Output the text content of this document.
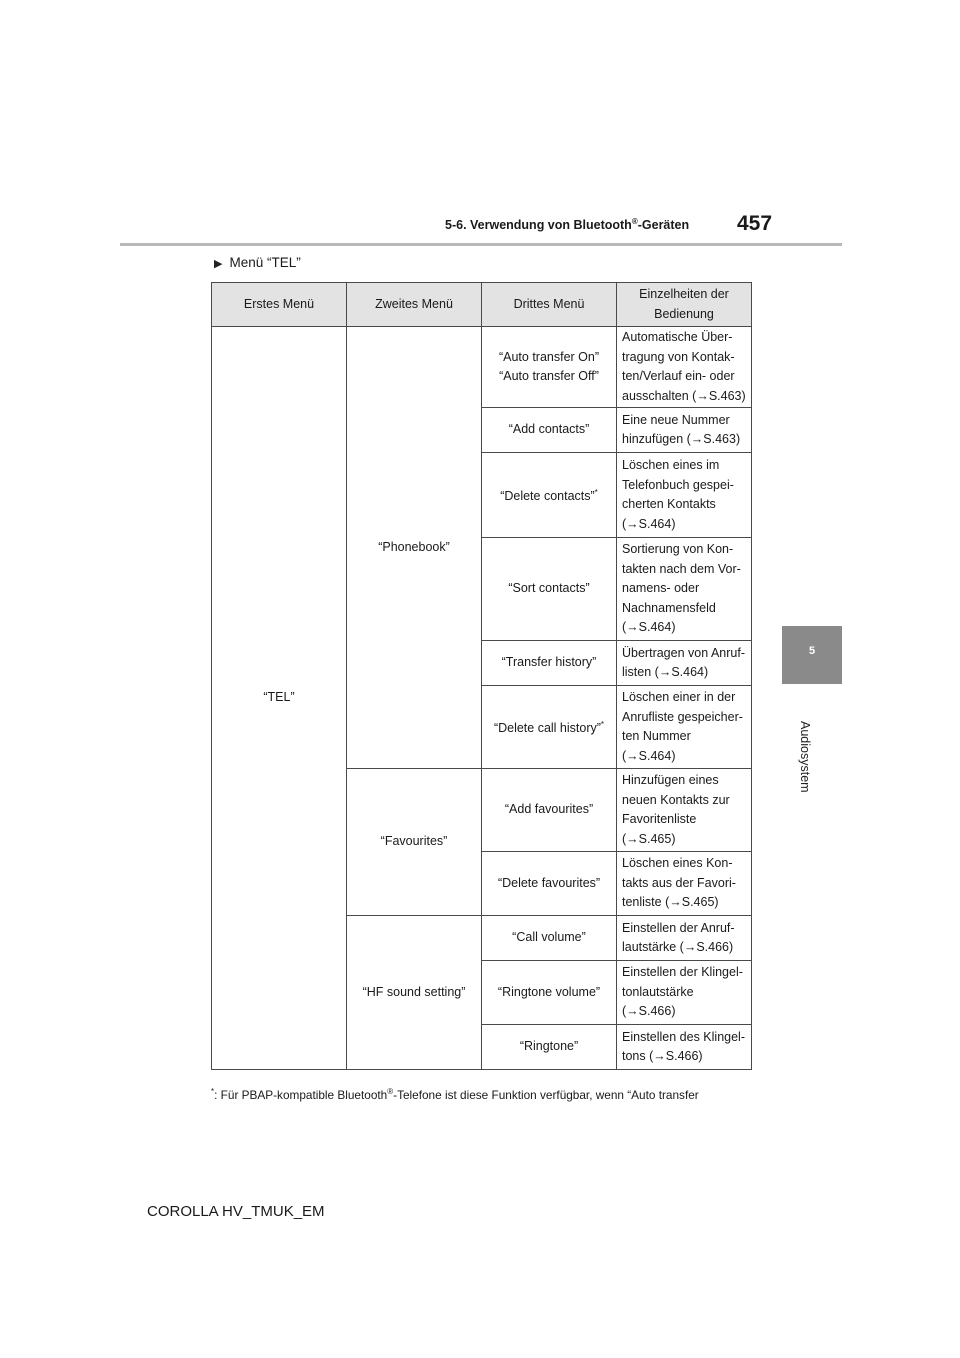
5-6. Verwendung von Bluetooth®-Geräten 457
5
Audiosystem
▶ Menü “TEL”
Erstes Menü	Zweites Menü	Drittes Menü	Einzelheiten der Bedienung
“TEL”	“Phonebook”	“Auto transfer On” “Auto transfer Off”	Automatische Über-tragung von Kontak-ten/Verlauf ein- oder ausschalten (→S.463)
		“Add contacts”	Eine neue Nummer hinzufügen (→S.463)
		“Delete contacts”*	Löschen eines im Telefonbuch gespei-cherten Kontakts (→S.464)
		“Sort contacts”	Sortierung von Kon-takten nach dem Vor-namens- oder Nachnamensfeld (→S.464)
		“Transfer history”	Übertragen von Anruf-listen (→S.464)
		“Delete call history”*	Löschen einer in der Anrufliste gespeicher-ten Nummer (→S.464)
	“Favourites”	“Add favourites”	Hinzufügen eines neuen Kontakts zur Favoritenliste (→S.465)
		“Delete favourites”	Löschen eines Kon-takts aus der Favori-tenliste (→S.465)
	“HF sound setting”	“Call volume”	Einstellen der Anruf-lautstärke (→S.466)
		“Ringtone volume”	Einstellen der Klingel-tonlautstärke (→S.466)
		“Ringtone”	Einstellen des Klingel-tons (→S.466)
*: Für PBAP-kompatible Bluetooth®-Telefone ist diese Funktion verfügbar, wenn “Auto transfer
COROLLA HV_TMUK_EM
